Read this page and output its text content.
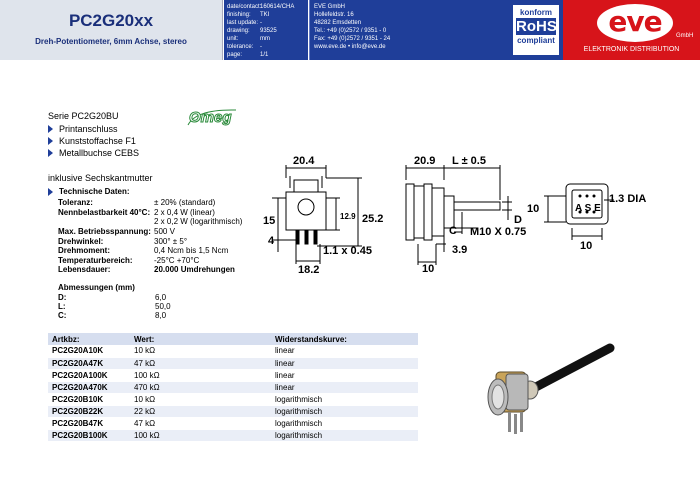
PC2G20xx
Dreh-Potentiometer, 6mm Achse, stereo
date/contact:
160614/CHA
finishing:	TKI
last update: -
drawing:	93525
unit:	mm
tolerance:	-
page:	1/1
EVE GmbH
Hollefeldstr. 16
48282 Emsdetten
Tel.: +49 (0)2572 / 9351 - 0
Fax: +49 (0)2572 / 9351 - 24
www.eve.de • info@eve.de
konform
RoHS
compliant
eve	GmbH
ELEKTRONIK DISTRIBUTION
Serie PC2G20BU	Omeg
Printanschluss
Kunststoffachse F1
Metallbuchse CEBS
inklusive Sechskantmutter
Technische Daten:
Toleranz:	± 20% (standard)
Nennbelastbarkeit 40°C: 2 x 0,4 W (linear)
2 x 0,2 W (logarithmisch)
Max. Betriebsspannung: 500 V
Drehwinkel:	300° ± 5°
Drehmoment:	0,4 Ncm bis 1,5 Ncm
Temperaturbereich:	-25°C +70°C
Lebensdauer:	20.000 Umdrehungen
Abmessungen (mm)
D:	6,0
L:	50,0
C:	8,0
Artkbz:	Wert:	Widerstandskurve:
PC2G20A10K	10 kΩ	linear
PC2G20A47K	47 kΩ	linear
PC2G20A100K	100 kΩ	linear
PC2G20A470K	470 kΩ	linear
PC2G20B10K	10 kΩ	logarithmisch
PC2G20B22K	22 kΩ	logarithmisch
PC2G20B47K	47 kΩ	logarithmisch
PC2G20B100K	100 kΩ	logarithmisch
20.4
15	12.9 25.2
4
1.1 x 0.45
18.2
20.9 L ± 0.5
C
D
M10 X 0.75
3.9
10
10	A S E
1.3 DIA
10
